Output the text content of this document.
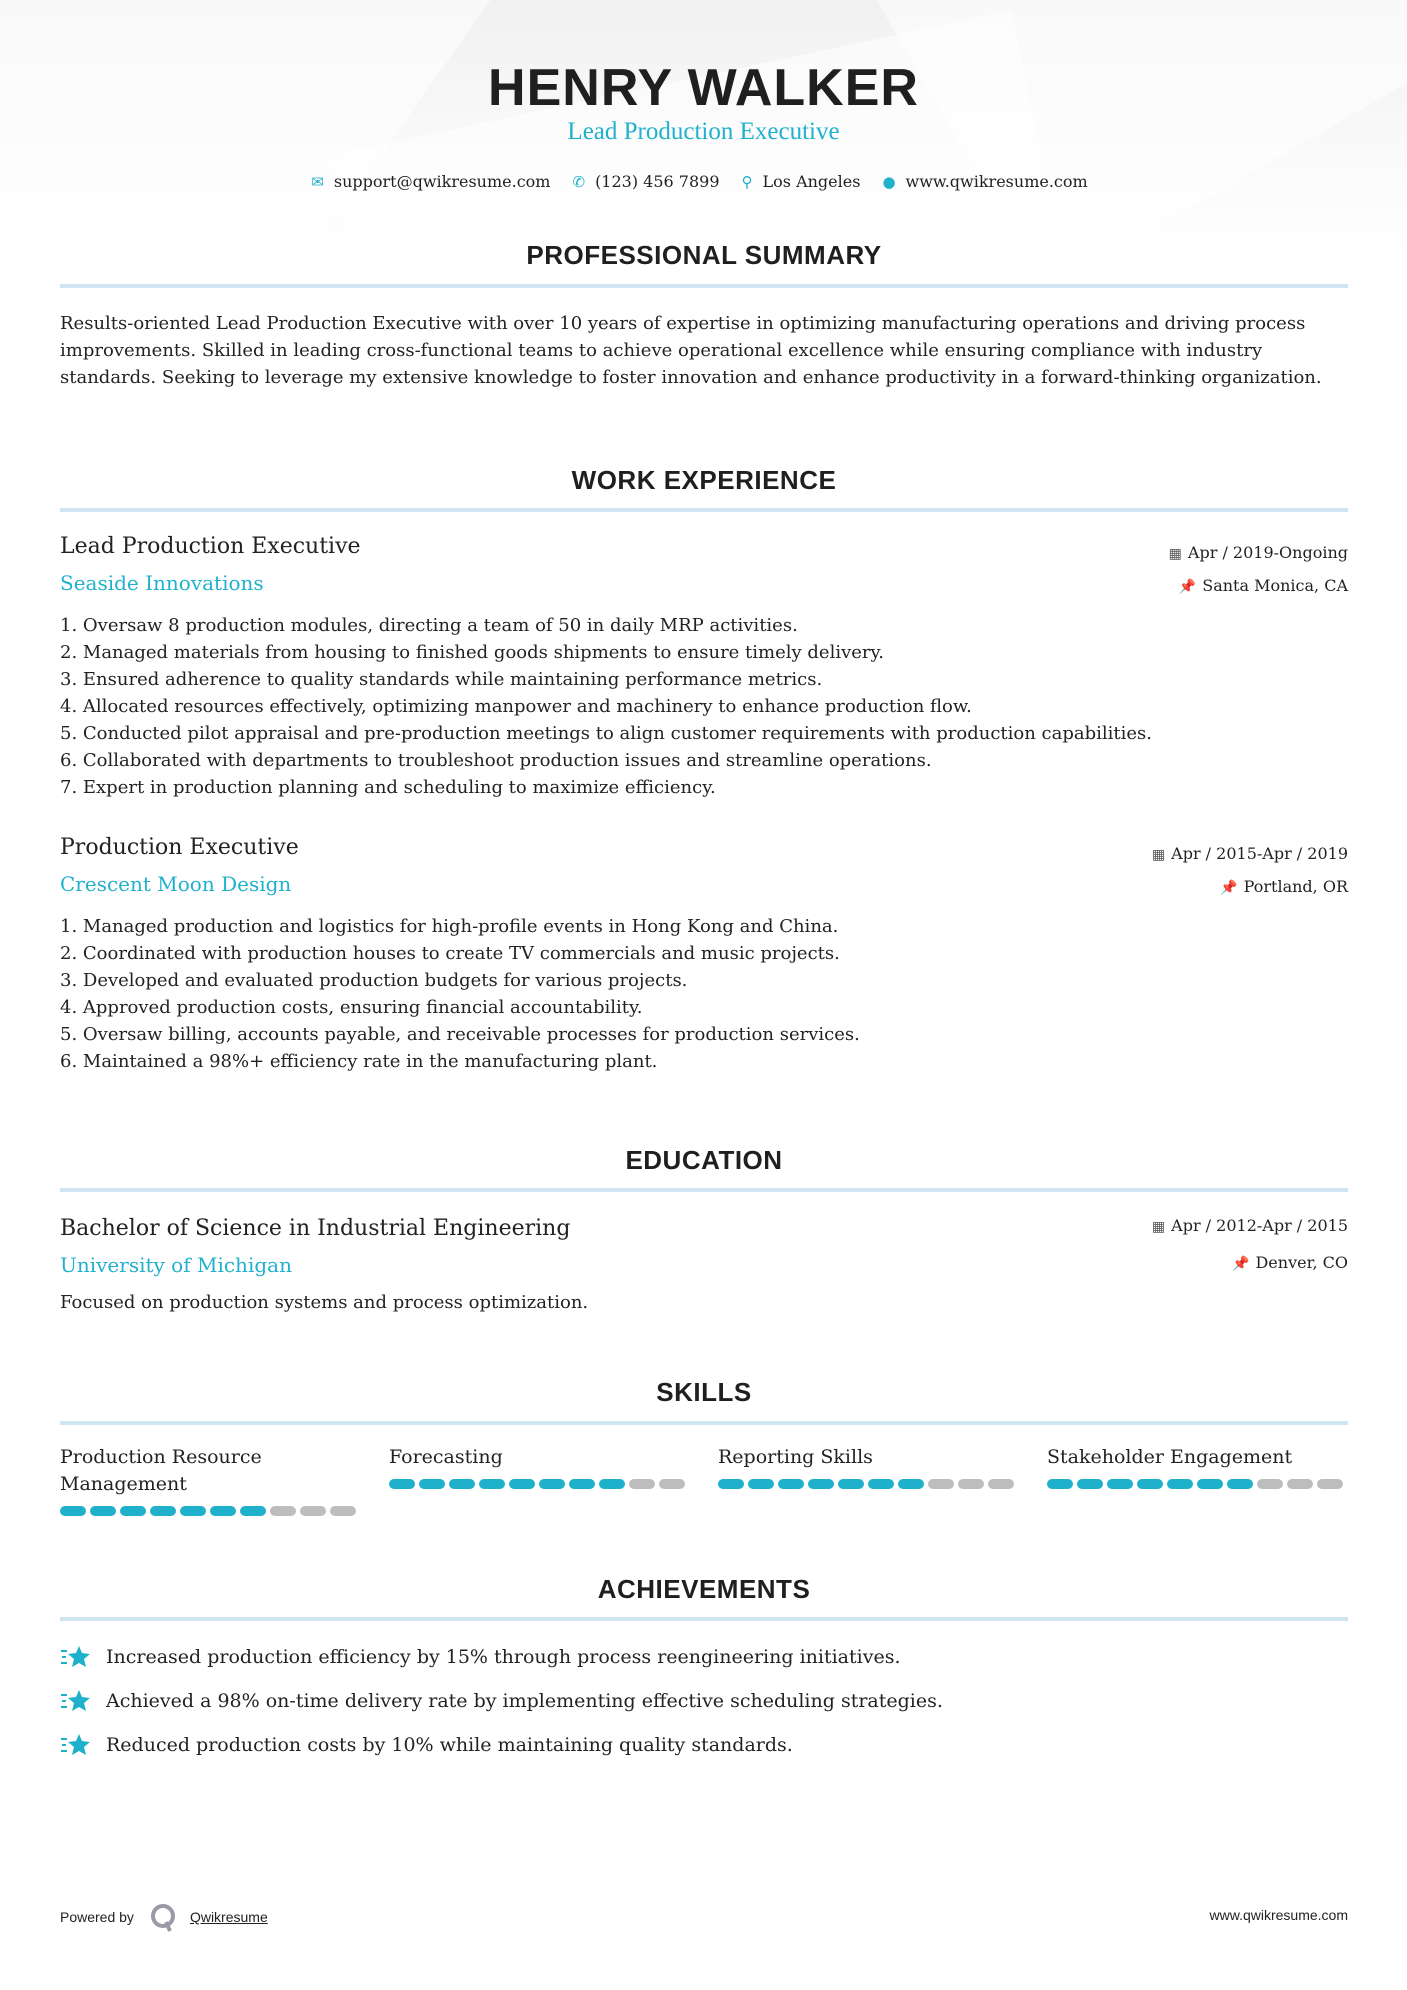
HENRY WALKER
Lead Production Executive
✉ support@qwikresume.com ✆ (123) 456 7899 ⚲ Los Angeles ● www.qwikresume.com
PROFESSIONAL SUMMARY
Results-oriented Lead Production Executive with over 10 years of expertise in optimizing manufacturing operations and driving process improvements. Skilled in leading cross-functional teams to achieve operational excellence while ensuring compliance with industry standards. Seeking to leverage my extensive knowledge to foster innovation and enhance productivity in a forward-thinking organization.
WORK EXPERIENCE
Lead Production Executive
Seaside Innovations
▦ Apr / 2019-Ongoing
📌 Santa Monica, CA
1. Oversaw 8 production modules, directing a team of 50 in daily MRP activities.
2. Managed materials from housing to finished goods shipments to ensure timely delivery.
3. Ensured adherence to quality standards while maintaining performance metrics.
4. Allocated resources effectively, optimizing manpower and machinery to enhance production flow.
5. Conducted pilot appraisal and pre-production meetings to align customer requirements with production capabilities.
6. Collaborated with departments to troubleshoot production issues and streamline operations.
7. Expert in production planning and scheduling to maximize efficiency.
Production Executive
Crescent Moon Design
▦ Apr / 2015-Apr / 2019
📌 Portland, OR
1. Managed production and logistics for high-profile events in Hong Kong and China.
2. Coordinated with production houses to create TV commercials and music projects.
3. Developed and evaluated production budgets for various projects.
4. Approved production costs, ensuring financial accountability.
5. Oversaw billing, accounts payable, and receivable processes for production services.
6. Maintained a 98%+ efficiency rate in the manufacturing plant.
EDUCATION
Bachelor of Science in Industrial Engineering
University of Michigan
▦ Apr / 2012-Apr / 2015
📌 Denver, CO
Focused on production systems and process optimization.
SKILLS
Production Resource Management
Forecasting	Reporting Skills	Stakeholder Engagement
ACHIEVEMENTS
Increased production efficiency by 15% through process reengineering initiatives.
Achieved a 98% on-time delivery rate by implementing effective scheduling strategies.
Reduced production costs by 10% while maintaining quality standards.
Powered by	Qwikresume	www.qwikresume.com
